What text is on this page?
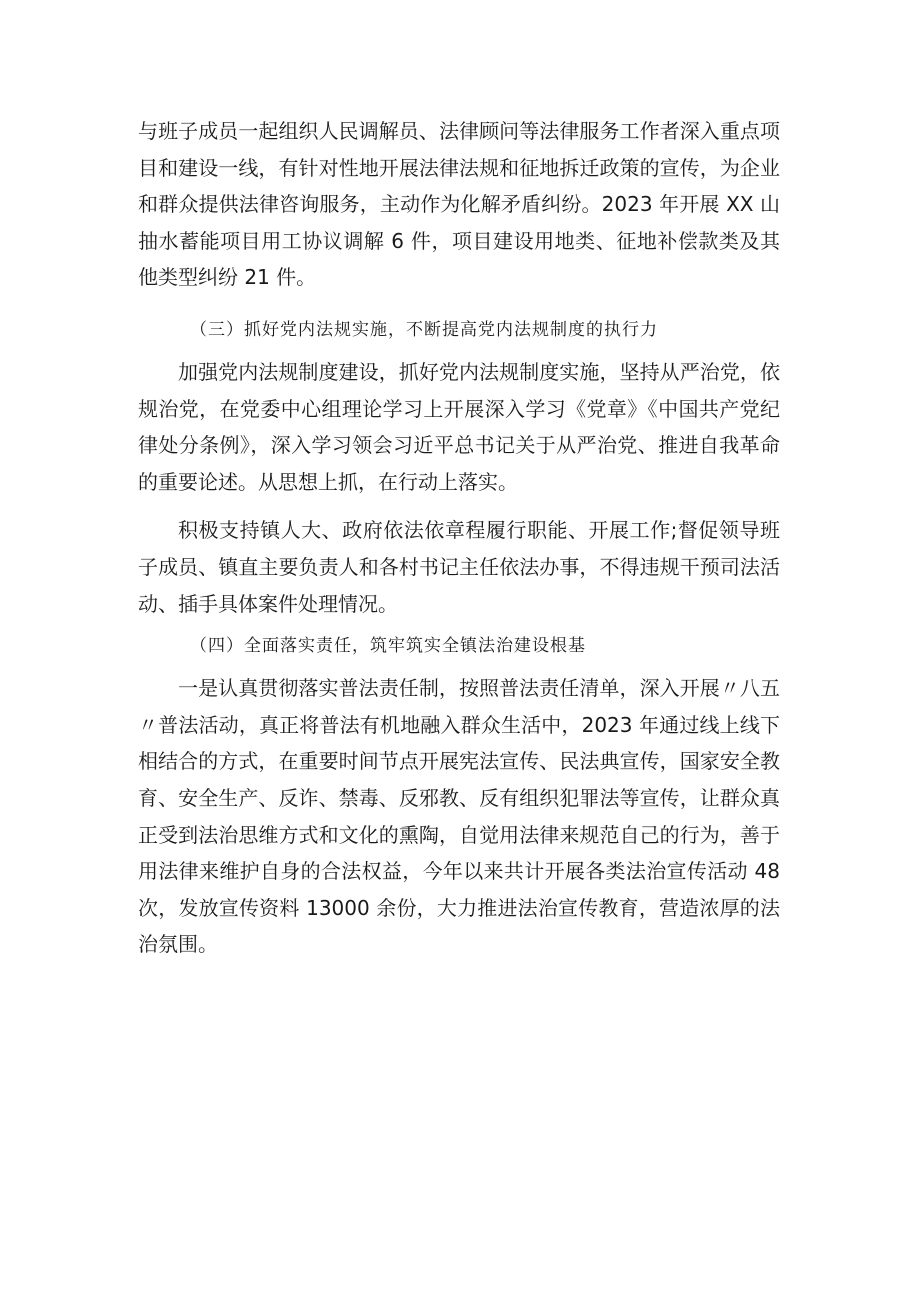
与班子成员一起组织人民调解员、法律顾问等法律服务工作者深入重点项目和建设一线，有针对性地开展法律法规和征地拆迁政策的宣传，为企业和群众提供法律咨询服务，主动作为化解矛盾纠纷。2023 年开展 XX 山抽水蓄能项目用工协议调解 6 件，项目建设用地类、征地补偿款类及其他类型纠纷 21 件。

（三）抓好党内法规实施，不断提高党内法规制度的执行力

加强党内法规制度建设，抓好党内法规制度实施，坚持从严治党，依规治党，在党委中心组理论学习上开展深入学习《党章》《中国共产党纪律处分条例》，深入学习领会习近平总书记关于从严治党、推进自我革命的重要论述。从思想上抓，在行动上落实。

积极支持镇人大、政府依法依章程履行职能、开展工作;督促领导班子成员、镇直主要负责人和各村书记主任依法办事，不得违规干预司法活动、插手具体案件处理情况。

（四）全面落实责任，筑牢筑实全镇法治建设根基

一是认真贯彻落实普法责任制，按照普法责任清单，深入开展〃八五〃普法活动，真正将普法有机地融入群众生活中，2023 年通过线上线下相结合的方式，在重要时间节点开展宪法宣传、民法典宣传，国家安全教育、安全生产、反诈、禁毒、反邪教、反有组织犯罪法等宣传，让群众真正受到法治思维方式和文化的熏陶，自觉用法律来规范自己的行为，善于用法律来维护自身的合法权益，今年以来共计开展各类法治宣传活动 48 次，发放宣传资料 13000 余份，大力推进法治宣传教育，营造浓厚的法治氛围。
